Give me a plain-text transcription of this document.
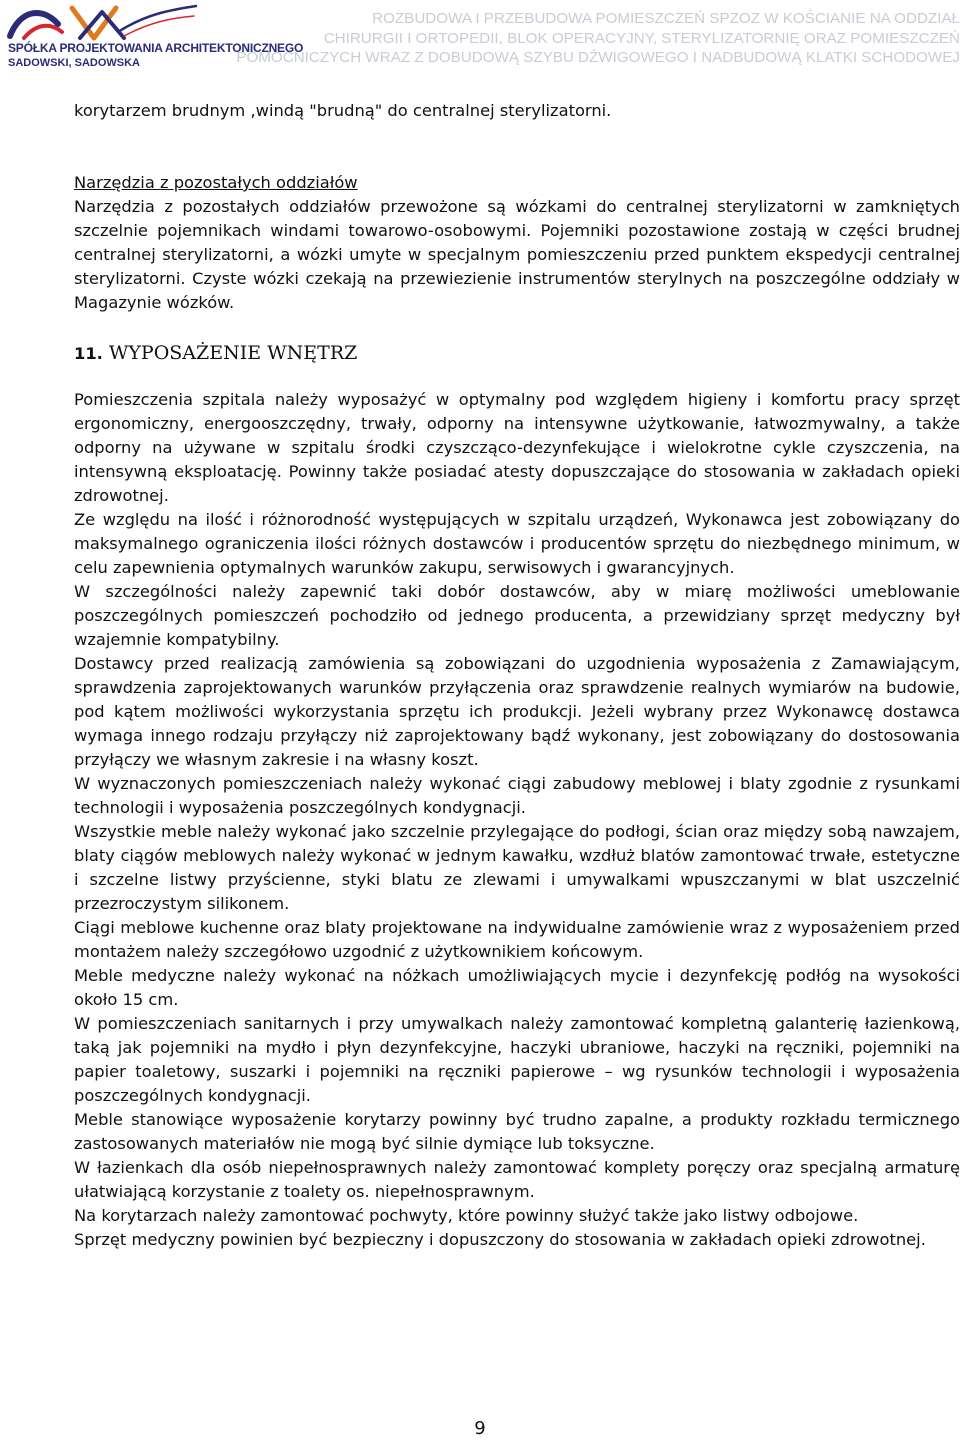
SPÓŁKA PROJEKTOWANIA ARCHITEKTONICZNEGO
SADOWSKI, SADOWSKA
ROZBUDOWA I PRZEBUDOWA POMIESZCZEŃ SPZOZ W KOŚCIANIE NA ODDZIAŁ
CHIRURGII I ORTOPEDII, BLOK OPERACYJNY, STERYLIZATORNIĘ ORAZ POMIESZCZEŃ
POMOCNICZYCH WRAZ Z DOBUDOWĄ SZYBU DŹWIGOWEGO I NADBUDOWĄ KLATKI SCHODOWEJ

korytarzem brudnym ,windą "brudną" do centralnej sterylizatorni.

Narzędzia z pozostałych oddziałów

Narzędzia z pozostałych oddziałów przewożone są wózkami do centralnej sterylizatorni w zamkniętych szczelnie pojemnikach windami towarowo-osobowymi. Pojemniki pozostawione zostają w części brudnej centralnej sterylizatorni, a wózki umyte w specjalnym pomieszczeniu przed punktem ekspedycji centralnej sterylizatorni. Czyste wózki czekają na przewiezienie instrumentów sterylnych na poszczególne oddziały w Magazynie wózków.

11. WYPOSAŻENIE WNĘTRZ

Pomieszczenia szpitala należy wyposażyć w optymalny pod względem higieny i komfortu pracy sprzęt ergonomiczny, energooszczędny, trwały, odporny na intensywne użytkowanie, łatwozmywalny, a także odporny na używane w szpitalu środki czyszcząco-dezynfekujące i wielokrotne cykle czyszczenia, na intensywną eksploatację. Powinny także posiadać atesty dopuszczające do stosowania w zakładach opieki zdrowotnej.

Ze względu na ilość i różnorodność występujących w szpitalu urządzeń, Wykonawca jest zobowiązany do maksymalnego ograniczenia ilości różnych dostawców i producentów sprzętu do niezbędnego minimum, w celu zapewnienia optymalnych warunków zakupu, serwisowych i gwarancyjnych.

W szczególności należy zapewnić taki dobór dostawców, aby w miarę możliwości umeblowanie poszczególnych pomieszczeń pochodziło od jednego producenta, a przewidziany sprzęt medyczny był wzajemnie kompatybilny.

Dostawcy przed realizacją zamówienia są zobowiązani do uzgodnienia wyposażenia z Zamawiającym, sprawdzenia zaprojektowanych warunków przyłączenia oraz sprawdzenie realnych wymiarów na budowie, pod kątem możliwości wykorzystania sprzętu ich produkcji. Jeżeli wybrany przez Wykonawcę dostawca wymaga innego rodzaju przyłączy niż zaprojektowany bądź wykonany, jest zobowiązany do dostosowania przyłączy we własnym zakresie i na własny koszt.

W wyznaczonych pomieszczeniach należy wykonać ciągi zabudowy meblowej i blaty zgodnie z rysunkami technologii i wyposażenia poszczególnych kondygnacji.

Wszystkie meble należy wykonać jako szczelnie przylegające do podłogi, ścian oraz między sobą nawzajem, blaty ciągów meblowych należy wykonać w jednym kawałku, wzdłuż blatów zamontować trwałe, estetyczne i szczelne listwy przyścienne, styki blatu ze zlewami i umywalkami wpuszczanymi w blat uszczelnić przezroczystym silikonem.

Ciągi meblowe kuchenne oraz blaty projektowane na indywidualne zamówienie wraz z wyposażeniem przed montażem należy szczegółowo uzgodnić z użytkownikiem końcowym.

Meble medyczne należy wykonać na nóżkach umożliwiających mycie i dezynfekcję podłóg na wysokości około 15 cm.

W pomieszczeniach sanitarnych i przy umywalkach należy zamontować kompletną galanterię łazienkową, taką jak pojemniki na mydło i płyn dezynfekcyjne, haczyki ubraniowe, haczyki na ręczniki, pojemniki na papier toaletowy, suszarki i pojemniki na ręczniki papierowe – wg rysunków technologii i wyposażenia poszczególnych kondygnacji.

Meble stanowiące wyposażenie korytarzy powinny być trudno zapalne, a produkty rozkładu termicznego zastosowanych materiałów nie mogą być silnie dymiące lub toksyczne.

W łazienkach dla osób niepełnosprawnych należy zamontować komplety poręczy oraz specjalną armaturę ułatwiającą korzystanie z toalety os. niepełnosprawnym.

Na korytarzach należy zamontować pochwyty, które powinny służyć także jako listwy odbojowe.

Sprzęt medyczny powinien być bezpieczny i dopuszczony do stosowania w zakładach opieki zdrowotnej.

9
